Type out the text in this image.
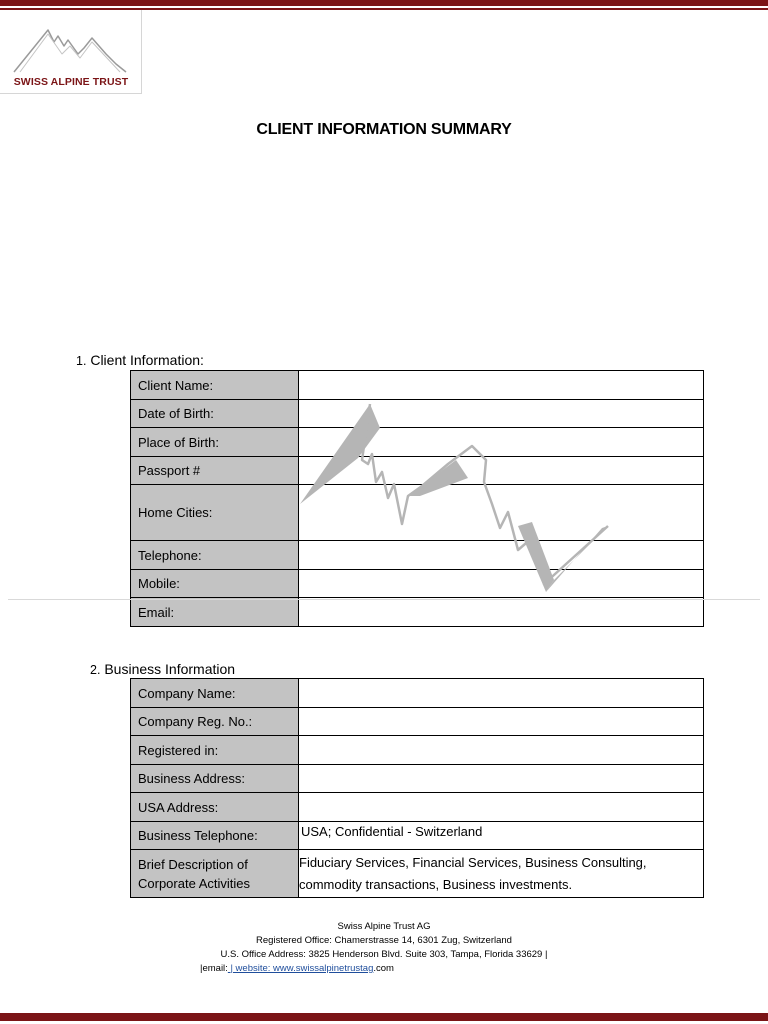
SWISS ALPINE TRUST
CLIENT INFORMATION SUMMARY
1. Client Information:
Client Name:	
Date of Birth:	
Place of Birth:	
Passport #	
Home Cities:	
Telephone:	
Mobile:	
Email:	
2. Business Information
Company Name:	
Company Reg. No.:	
Registered in:	
Business Address:	
USA Address:	
Business Telephone:	USA; Confidential - Switzerland
Brief Description of Corporate Activities	Fiduciary Services, Financial Services, Business Consulting, commodity transactions, Business investments.
Swiss Alpine Trust AG
Registered Office: Chamerstrasse 14, 6301 Zug, Switzerland
U.S. Office Address: 3825 Henderson Blvd. Suite 303, Tampa, Florida 33629 |
|email: | website: www.swissalpinetrustag.com
